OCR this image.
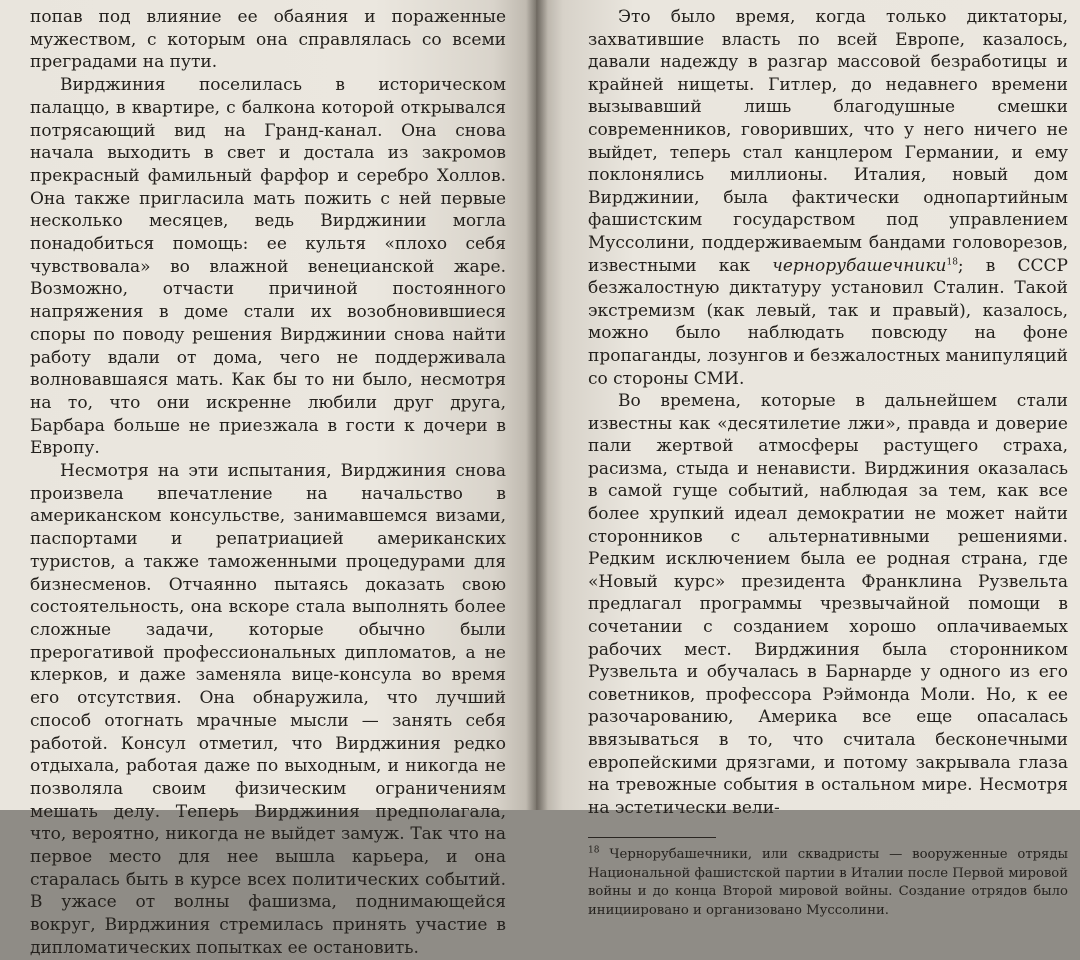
попав под влияние ее обаяния и пораженные мужеством, с которым она справлялась со всеми преградами на пути.

Вирджиния поселилась в историческом палаццо, в квартире, с балкона которой открывался потрясающий вид на Гранд-канал. Она снова начала выходить в свет и достала из закромов прекрасный фамильный фарфор и серебро Холлов. Она также пригласила мать пожить с ней первые несколько месяцев, ведь Вирджинии могла понадобиться помощь: ее культя «плохо себя чувствовала» во влажной венецианской жаре. Возможно, отчасти причиной постоянного напряжения в доме стали их возобновившиеся споры по поводу решения Вирджинии снова найти работу вдали от дома, чего не поддерживала волновавшаяся мать. Как бы то ни было, несмотря на то, что они искренне любили друг друга, Барбара больше не приезжала в гости к дочери в Европу.

Несмотря на эти испытания, Вирджиния снова произвела впечатление на начальство в американском консульстве, занимавшемся визами, паспортами и репатриацией американских туристов, а также таможенными процедурами для бизнесменов. Отчаянно пытаясь доказать свою состоятельность, она вскоре стала выполнять более сложные задачи, которые обычно были прерогативой профессиональных дипломатов, а не клерков, и даже заменяла вице-консула во время его отсутствия. Она обнаружила, что лучший способ отогнать мрачные мысли — занять себя работой. Консул отметил, что Вирджиния редко отдыхала, работая даже по выходным, и никогда не позволяла своим физическим ограничениям мешать делу. Теперь Вирджиния предполагала, что, вероятно, никогда не выйдет замуж. Так что на первое место для нее вышла карьера, и она старалась быть в курсе всех политических событий. В ужасе от волны фашизма, поднимающейся вокруг, Вирджиния стремилась принять участие в дипломатических попытках ее остановить.

Это было время, когда только диктаторы, захватившие власть по всей Европе, казалось, давали надежду в разгар массовой безработицы и крайней нищеты. Гитлер, до недавнего времени вызывавший лишь благодушные смешки современников, говоривших, что у него ничего не выйдет, теперь стал канцлером Германии, и ему поклонялись миллионы. Италия, новый дом Вирджинии, была фактически однопартийным фашистским государством под управлением Муссолини, поддерживаемым бандами головорезов, известными как чернорубашечники$^{18}$; в СССР безжалостную диктатуру установил Сталин. Такой экстремизм (как левый, так и правый), казалось, можно было наблюдать повсюду на фоне пропаганды, лозунгов и безжалостных манипуляций со стороны СМИ.

Во времена, которые в дальнейшем стали известны как «десятилетие лжи», правда и доверие пали жертвой атмосферы растущего страха, расизма, стыда и ненависти. Вирджиния оказалась в самой гуще событий, наблюдая за тем, как все более хрупкий идеал демократии не может найти сторонников с альтернативными решениями. Редким исключением была ее родная страна, где «Новый курс» президента Франклина Рузвельта предлагал программы чрезвычайной помощи в сочетании с созданием хорошо оплачиваемых рабочих мест. Вирджиния была сторонником Рузвельта и обучалась в Барнарде у одного из его советников, профессора Рэймонда Моли. Но, к ее разочарованию, Америка все еще опасалась ввязываться в то, что считала бесконечными европейскими дрязгами, и потому закрывала глаза на тревожные события в остальном мире. Несмотря на эстетически вели-

$^{18}$ Чернорубашечники, или сквадристы — вооруженные отряды Национальной фашистской партии в Италии после Первой мировой войны и до конца Второй мировой войны. Создание отрядов было инициировано и организовано Муссолини.
